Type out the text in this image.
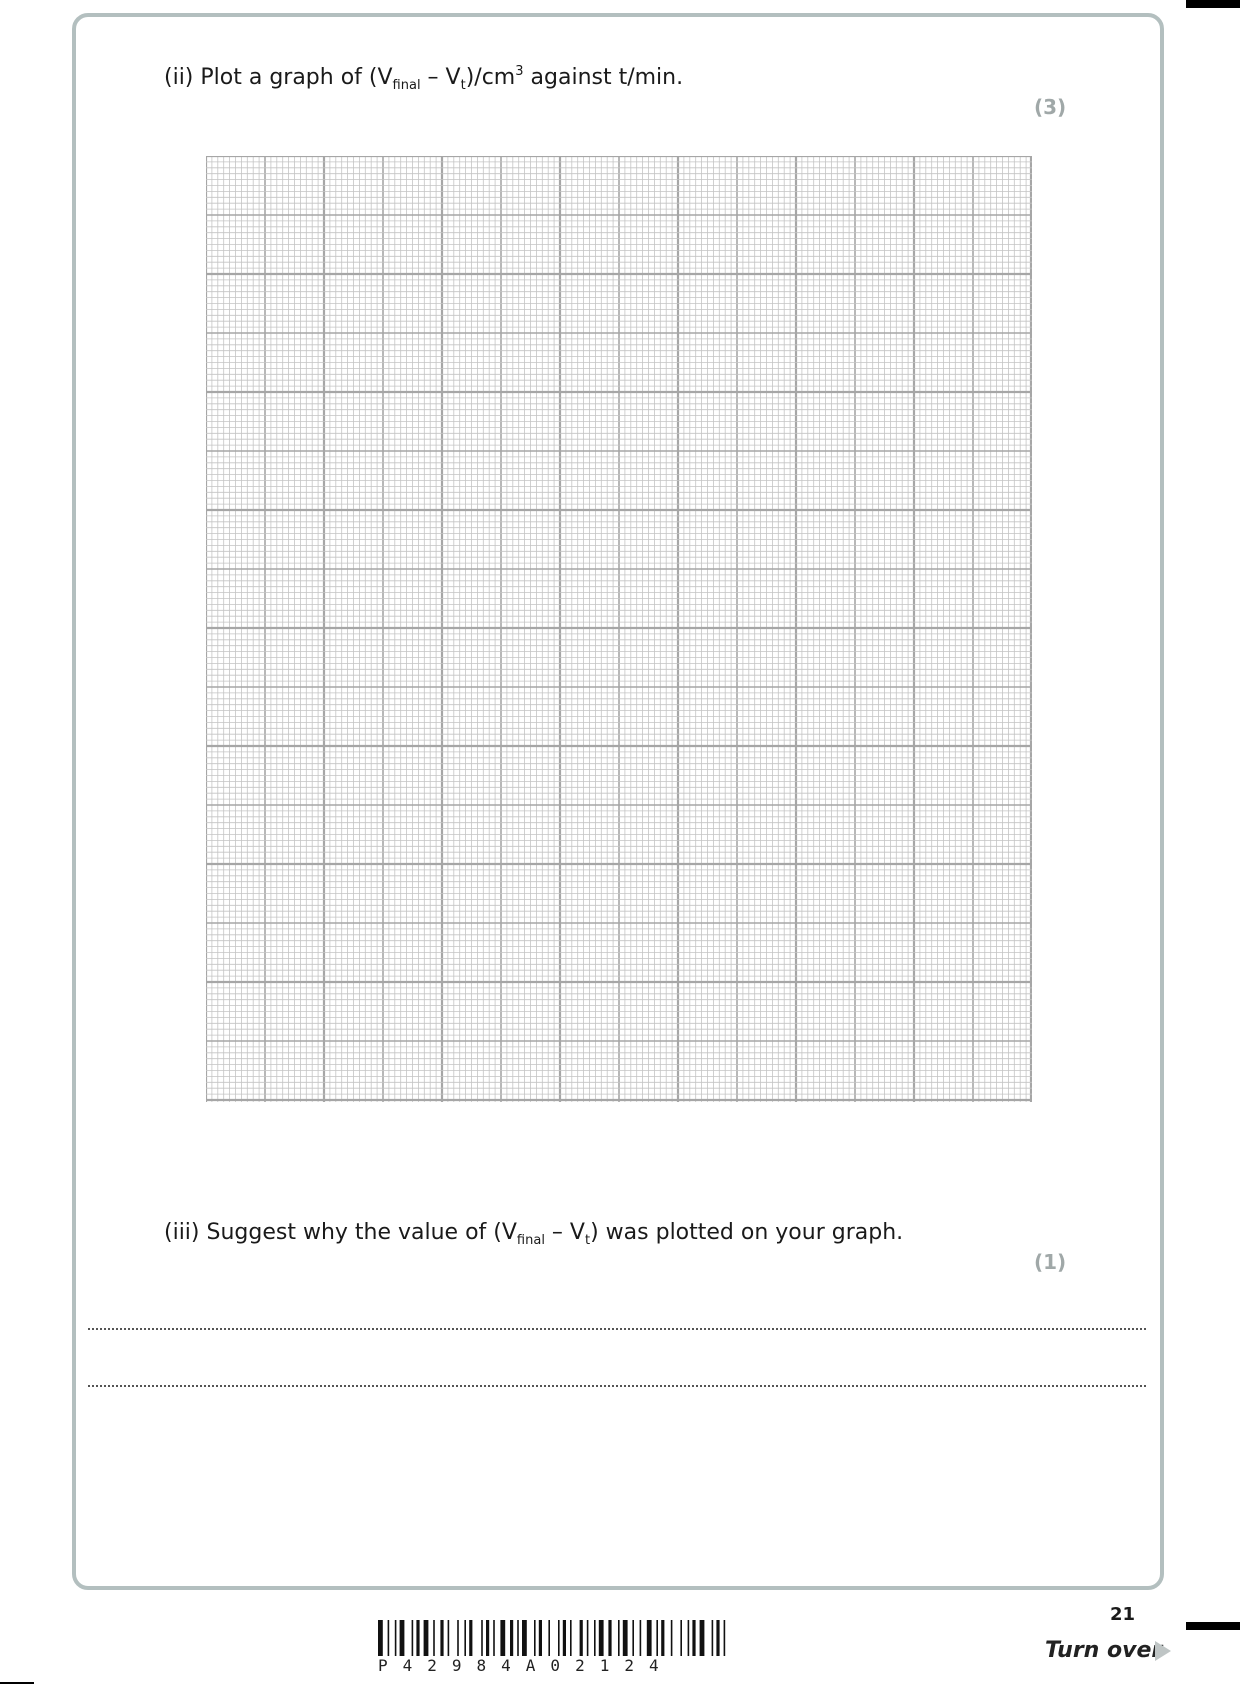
(ii) Plot a graph of $(V_{final} - V_t)/cm^3$ against t/min.
(3)
(iii) Suggest why the value of $(V_{final} - V_t)$ was plotted on your graph.
(1)
21
P42984A02124
Turn over
